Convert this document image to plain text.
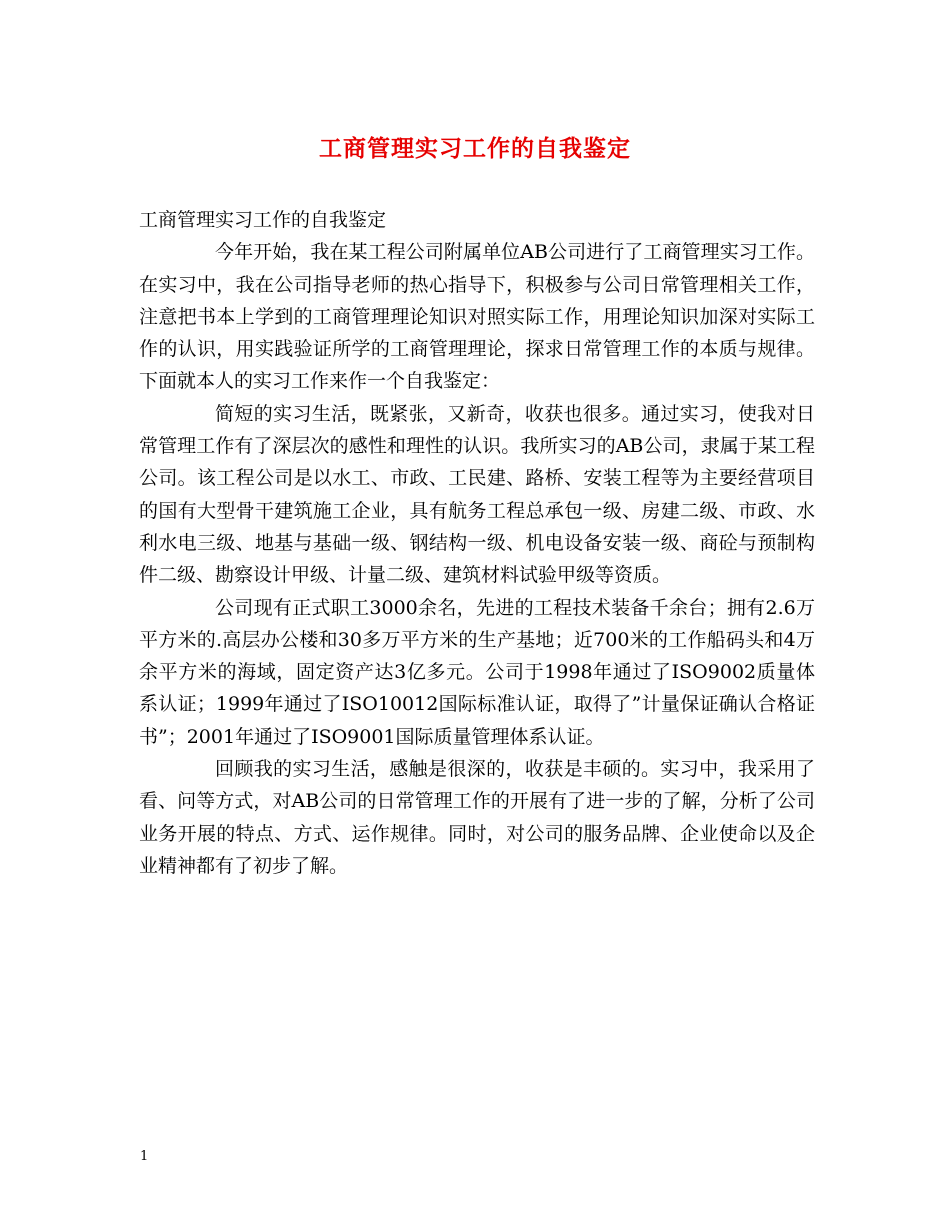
工商管理实习工作的自我鉴定

工商管理实习工作的自我鉴定

今年开始，我在某工程公司附属单位AB公司进行了工商管理实习工作。在实习中，我在公司指导老师的热心指导下，积极参与公司日常管理相关工作，注意把书本上学到的工商管理理论知识对照实际工作，用理论知识加深对实际工作的认识，用实践验证所学的工商管理理论，探求日常管理工作的本质与规律。下面就本人的实习工作来作一个自我鉴定：

简短的实习生活，既紧张，又新奇，收获也很多。通过实习，使我对日常管理工作有了深层次的感性和理性的认识。我所实习的AB公司，隶属于某工程公司。该工程公司是以水工、市政、工民建、路桥、安装工程等为主要经营项目的国有大型骨干建筑施工企业，具有航务工程总承包一级、房建二级、市政、水利水电三级、地基与基础一级、钢结构一级、机电设备安装一级、商砼与预制构件二级、勘察设计甲级、计量二级、建筑材料试验甲级等资质。

公司现有正式职工3000余名，先进的工程技术装备千余台；拥有2.6万平方米的.高层办公楼和30多万平方米的生产基地；近700米的工作船码头和4万余平方米的海域，固定资产达3亿多元。公司于1998年通过了ISO9002质量体系认证；1999年通过了ISO10012国际标准认证，取得了”计量保证确认合格证书”；2001年通过了ISO9001国际质量管理体系认证。

回顾我的实习生活，感触是很深的，收获是丰硕的。实习中，我采用了看、问等方式，对AB公司的日常管理工作的开展有了进一步的了解，分析了公司业务开展的特点、方式、运作规律。同时，对公司的服务品牌、企业使命以及企业精神都有了初步了解。

1
